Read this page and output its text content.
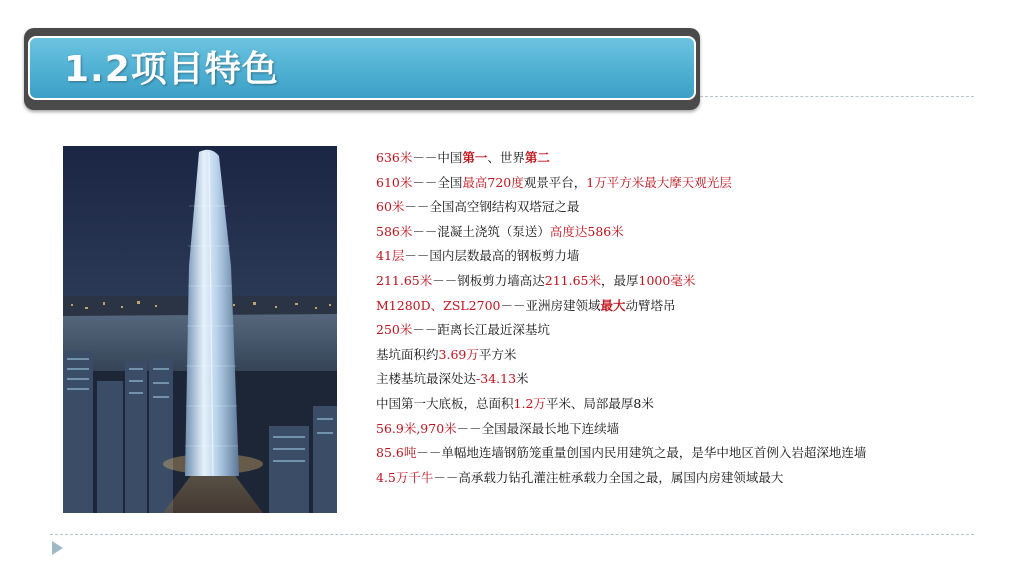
1.2项目特色
636米－－中国第一、世界第二
610米－－全国最高720度观景平台，1万平方米最大摩天观光层
60米－－全国高空钢结构双塔冠之最
586米－－混凝土浇筑（泵送）高度达586米
41层－－国内层数最高的钢板剪力墙
211.65米－－钢板剪力墙高达211.65米，最厚1000毫米
M1280D、ZSL2700－－亚洲房建领域最大动臂塔吊
250米－－距离长江最近深基坑
基坑面积约3.69万平方米
主楼基坑最深处达-34.13米
中国第一大底板，总面积1.2万平米、局部最厚8米
56.9米,970米－－全国最深最长地下连续墙
85.6吨－－单幅地连墙钢筋笼重量创国内民用建筑之最，是华中地区首例入岩超深地连墙
4.5万千牛－－高承载力钻孔灌注桩承载力全国之最，属国内房建领域最大
